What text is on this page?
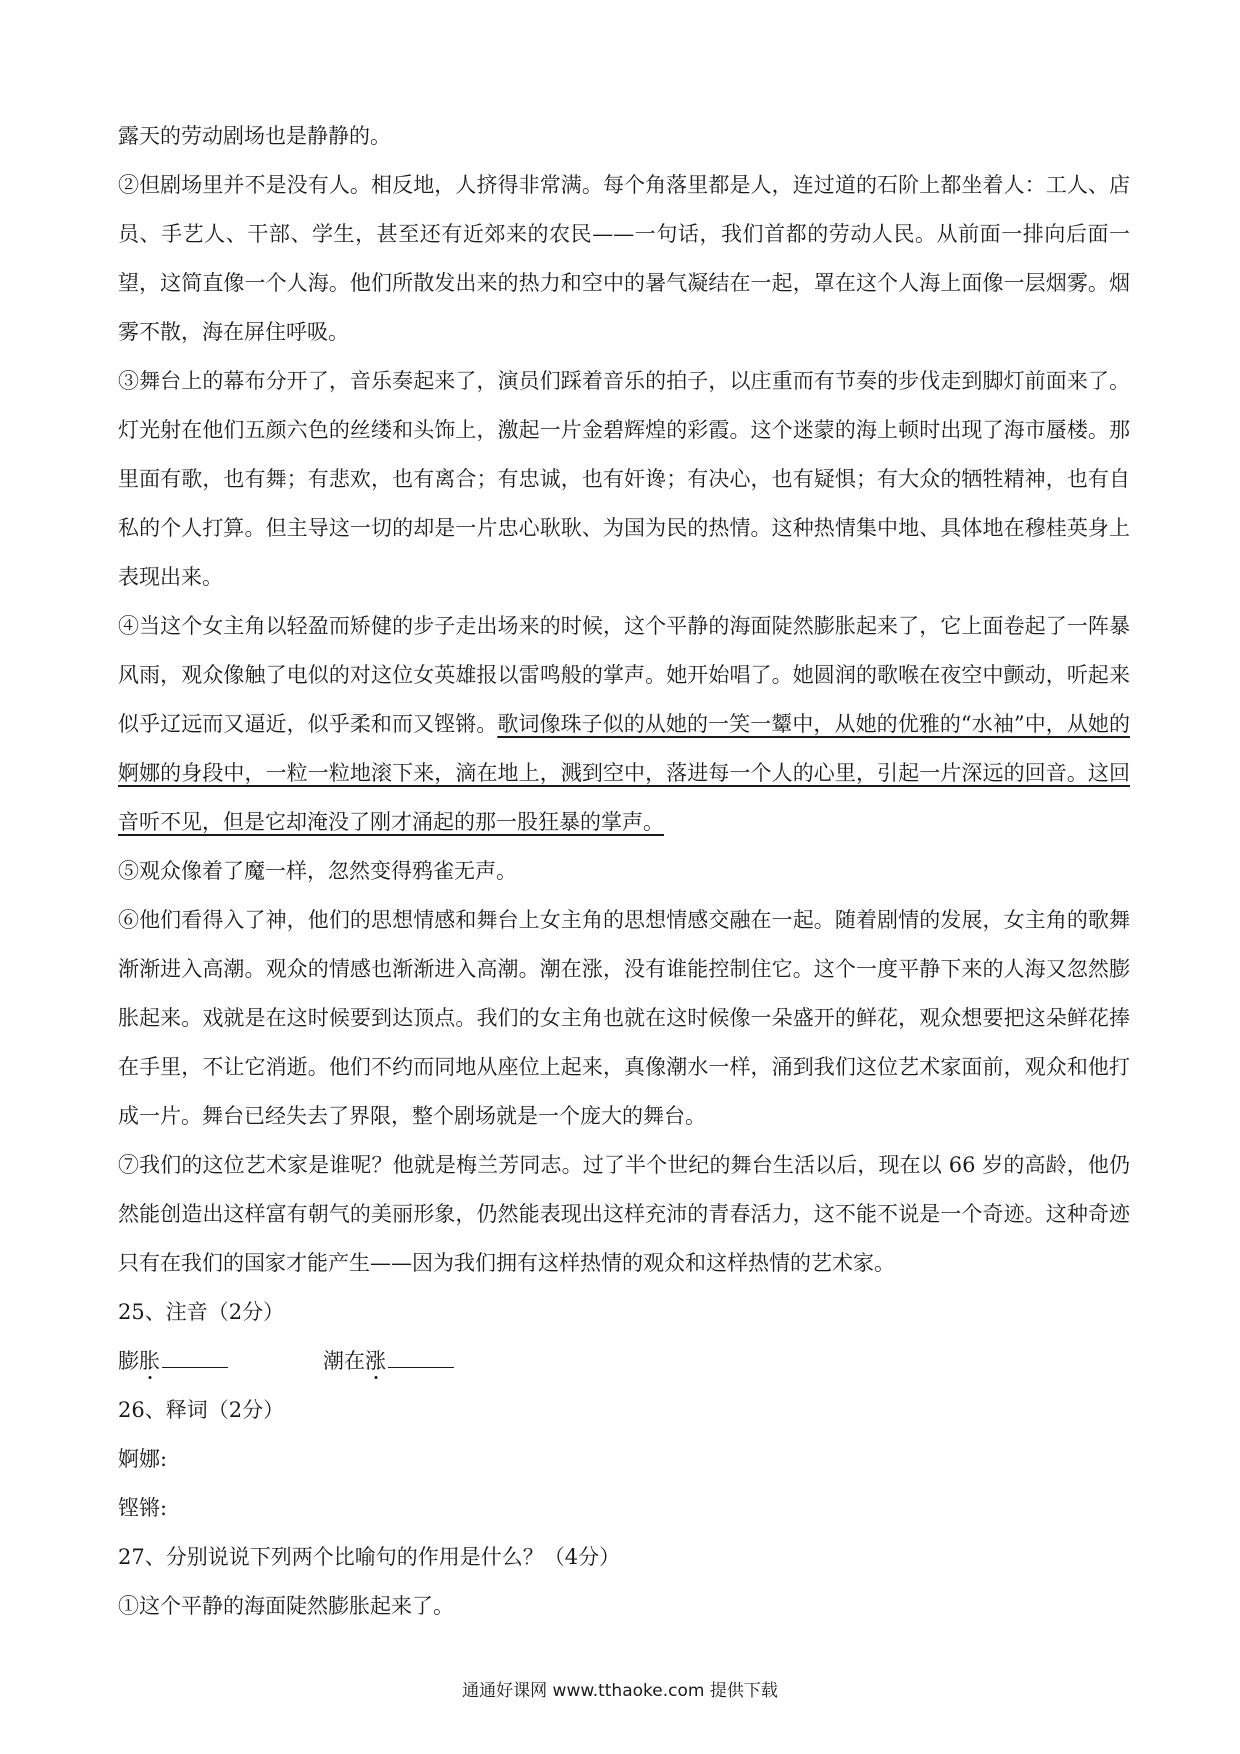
露天的劳动剧场也是静静的。

②但剧场里并不是没有人。相反地，人挤得非常满。每个角落里都是人，连过道的石阶上都坐着人：工人、店员、手艺人、干部、学生，甚至还有近郊来的农民——一句话，我们首都的劳动人民。从前面一排向后面一望，这简直像一个人海。他们所散发出来的热力和空中的暑气凝结在一起，罩在这个人海上面像一层烟雾。烟雾不散，海在屏住呼吸。

③舞台上的幕布分开了，音乐奏起来了，演员们踩着音乐的拍子，以庄重而有节奏的步伐走到脚灯前面来了。灯光射在他们五颜六色的丝缕和头饰上，激起一片金碧辉煌的彩霞。这个迷蒙的海上顿时出现了海市蜃楼。那里面有歌，也有舞；有悲欢，也有离合；有忠诚，也有奸谗；有决心，也有疑惧；有大众的牺牲精神，也有自私的个人打算。但主导这一切的却是一片忠心耿耿、为国为民的热情。这种热情集中地、具体地在穆桂英身上表现出来。

④当这个女主角以轻盈而矫健的步子走出场来的时候，这个平静的海面陡然膨胀起来了，它上面卷起了一阵暴风雨，观众像触了电似的对这位女英雄报以雷鸣般的掌声。她开始唱了。她圆润的歌喉在夜空中颤动，听起来似乎辽远而又逼近，似乎柔和而又铿锵。歌词像珠子似的从她的一笑一颦中，从她的优雅的“水袖”中，从她的婀娜的身段中，一粒一粒地滚下来，滴在地上，溅到空中，落进每一个人的心里，引起一片深远的回音。这回音听不见，但是它却淹没了刚才涌起的那一股狂暴的掌声。

⑤观众像着了魔一样，忽然变得鸦雀无声。

⑥他们看得入了神，他们的思想情感和舞台上女主角的思想情感交融在一起。随着剧情的发展，女主角的歌舞渐渐进入高潮。观众的情感也渐渐进入高潮。潮在涨，没有谁能控制住它。这个一度平静下来的人海又忽然膨胀起来。戏就是在这时候要到达顶点。我们的女主角也就在这时候像一朵盛开的鲜花，观众想要把这朵鲜花捧在手里，不让它消逝。他们不约而同地从座位上起来，真像潮水一样，涌到我们这位艺术家面前，观众和他打成一片。舞台已经失去了界限，整个剧场就是一个庞大的舞台。

⑦我们的这位艺术家是谁呢？他就是梅兰芳同志。过了半个世纪的舞台生活以后，现在以 66 岁的高龄，他仍然能创造出这样富有朝气的美丽形象，仍然能表现出这样充沛的青春活力，这不能不说是一个奇迹。这种奇迹只有在我们的国家才能产生——因为我们拥有这样热情的观众和这样热情的艺术家。

25、注音（2分）

膨胀	潮在涨

26、释词（2分）

婀娜:

铿锵:

27、分别说说下列两个比喻句的作用是什么？（4分）

①这个平静的海面陡然膨胀起来了。

通通好课网 www.tthaoke.com 提供下载
